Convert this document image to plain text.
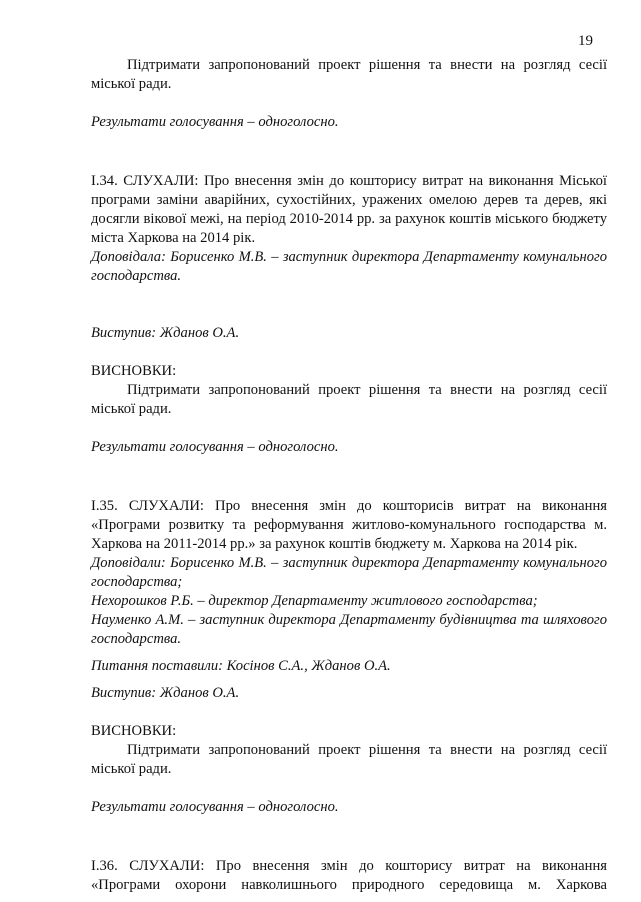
19

Підтримати запропонований проект рішення та внести на розгляд сесії міської ради.

Результати голосування – одноголосно.

І.34. СЛУХАЛИ: Про внесення змін до кошторису витрат на виконання Міської програми заміни аварійних, сухостійних, уражених омелою дерев та дерев, які досягли вікової межі, на період 2010-2014 рр. за рахунок коштів міського бюджету міста Харкова на 2014 рік.

Доповідала: Борисенко М.В. – заступник директора Департаменту комунального господарства.

Виступив: Жданов О.А.

ВИСНОВКИ:

Підтримати запропонований проект рішення та внести на розгляд сесії міської ради.

Результати голосування – одноголосно.

І.35. СЛУХАЛИ: Про внесення змін до кошторисів витрат на виконання «Програми розвитку та реформування житлово-комунального господарства м. Харкова на 2011-2014 рр.» за рахунок коштів бюджету м. Харкова на 2014 рік.

Доповідали: Борисенко М.В. – заступник директора Департаменту комунального господарства;

Нехорошков Р.Б. – директор Департаменту житлового господарства;

Науменко А.М. – заступник директора Департаменту будівництва та шляхового господарства.

Питання поставили: Косінов С.А., Жданов О.А.

Виступив: Жданов О.А.

ВИСНОВКИ:

Підтримати запропонований проект рішення та внести на розгляд сесії міської ради.

Результати голосування – одноголосно.

І.36. СЛУХАЛИ: Про внесення змін до кошторису витрат на виконання «Програми охорони навколишнього природного середовища м. Харкова
